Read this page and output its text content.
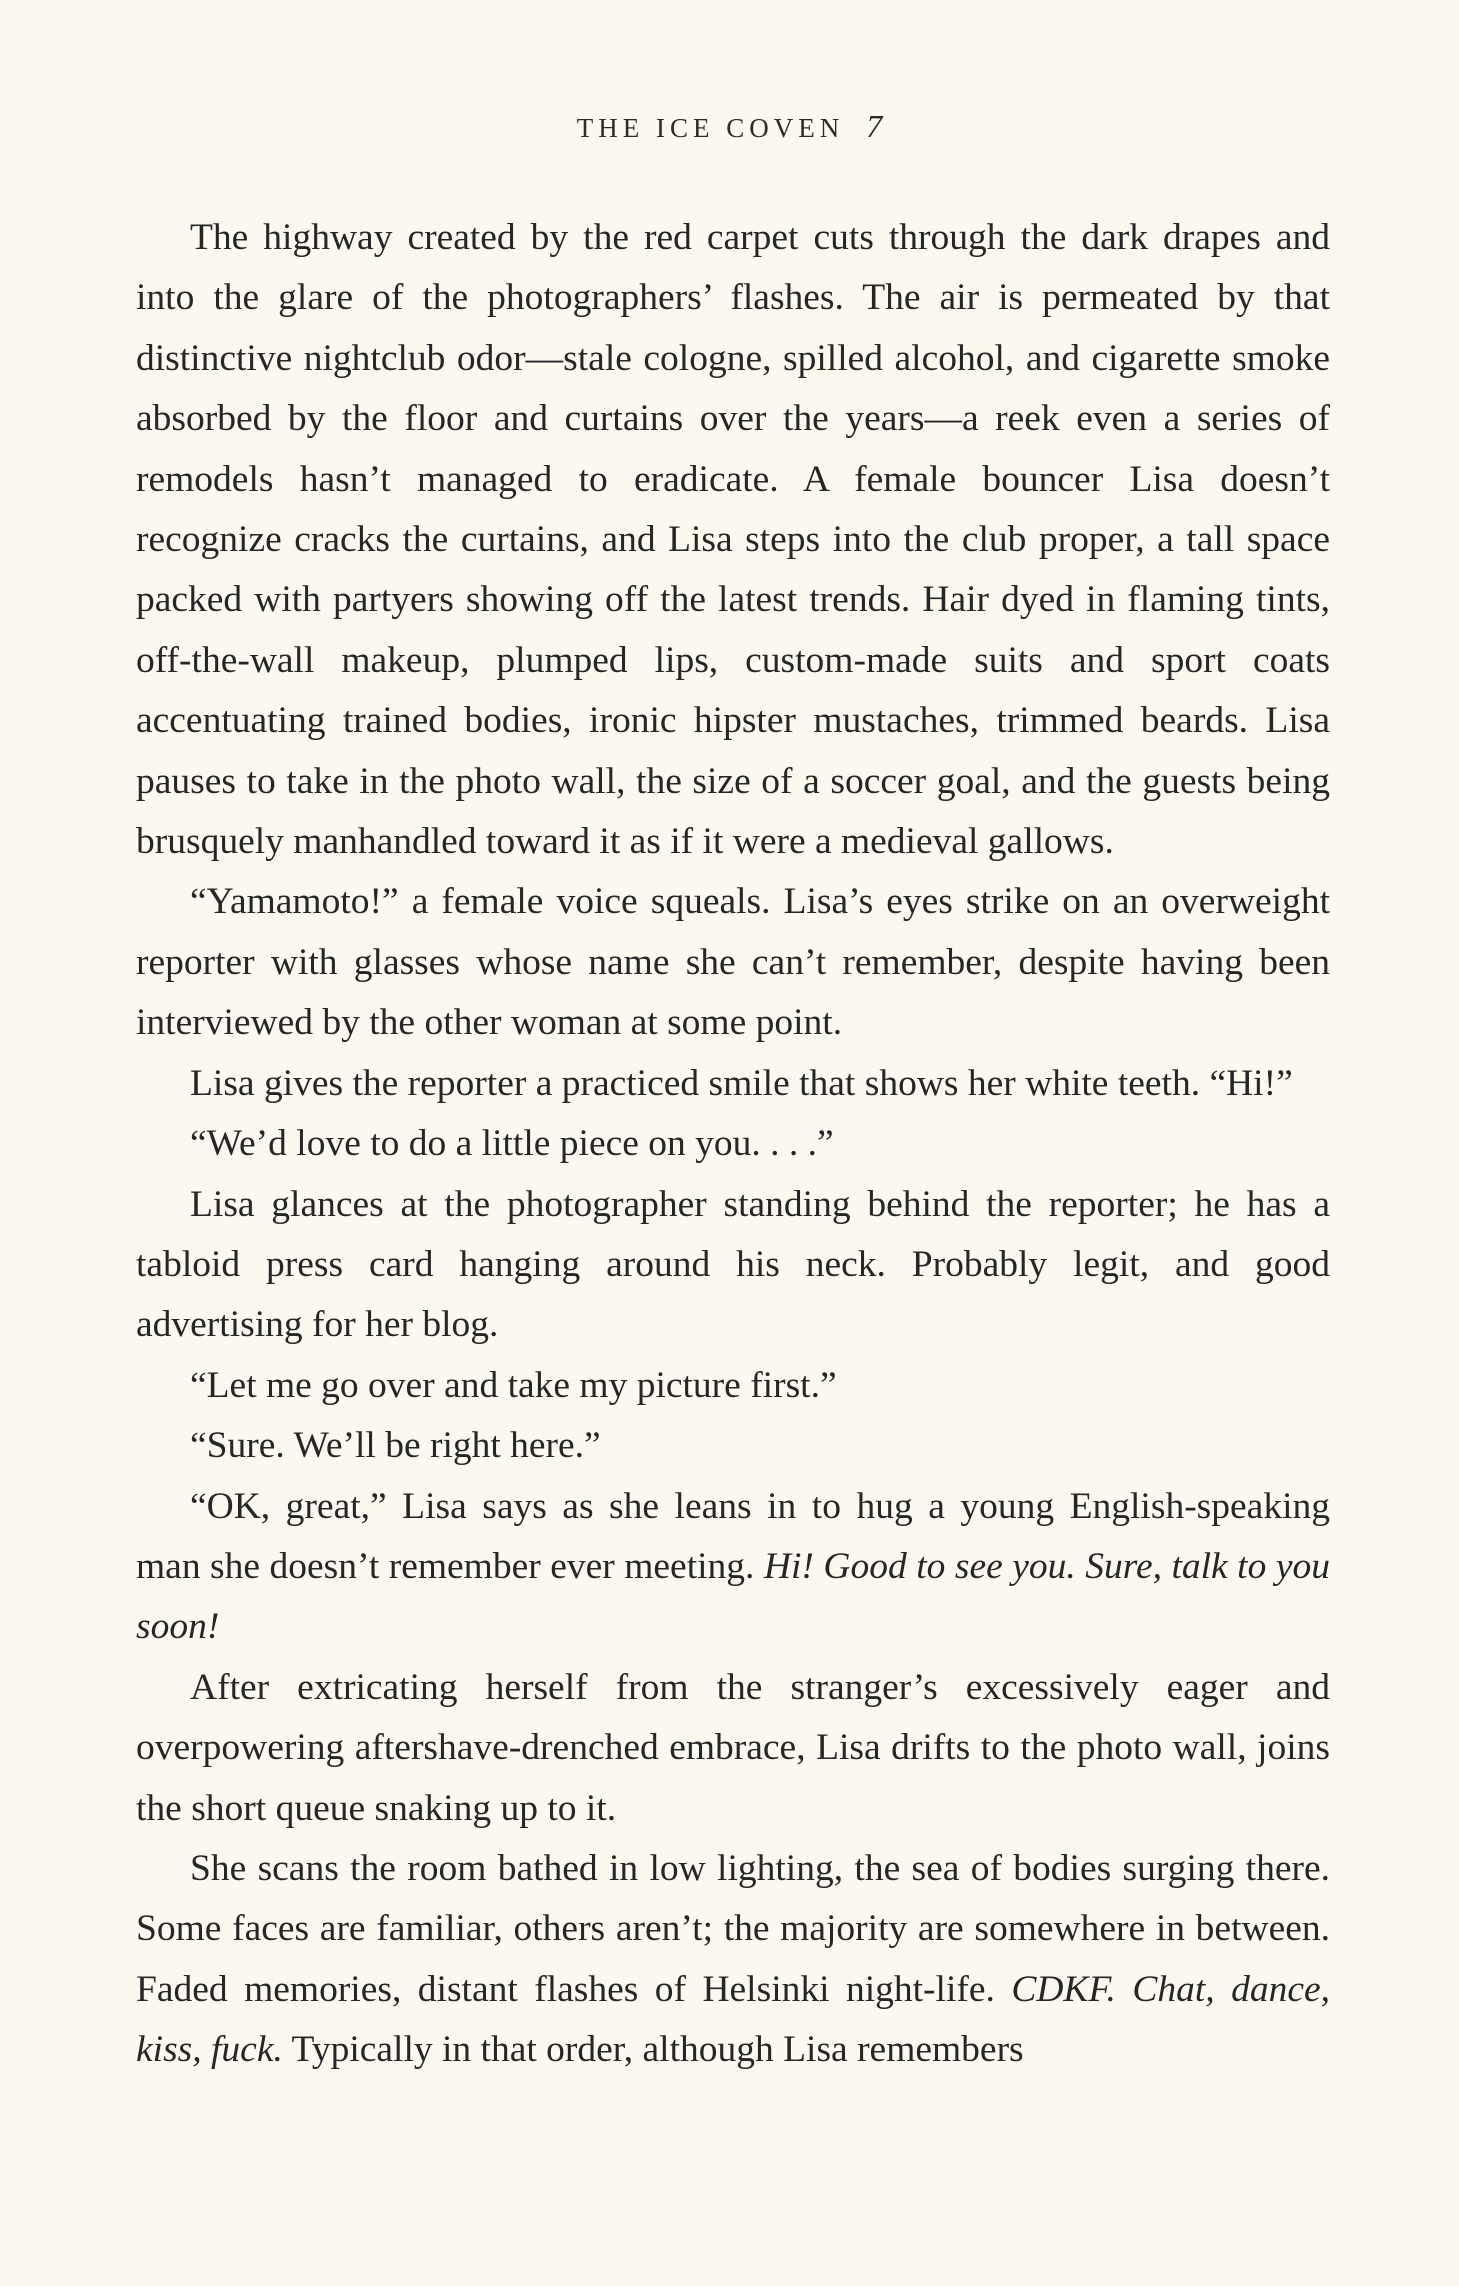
THE ICE COVEN 7

The highway created by the red carpet cuts through the dark drapes and into the glare of the photographers’ flashes. The air is permeated by that distinctive nightclub odor—stale cologne, spilled alcohol, and cigarette smoke absorbed by the floor and curtains over the years—a reek even a series of remodels hasn’t managed to eradicate. A female bouncer Lisa doesn’t recognize cracks the curtains, and Lisa steps into the club proper, a tall space packed with partyers showing off the latest trends. Hair dyed in flaming tints, off-the-wall makeup, plumped lips, custom-made suits and sport coats accentuating trained bodies, ironic hipster mustaches, trimmed beards. Lisa pauses to take in the photo wall, the size of a soccer goal, and the guests being brusquely manhandled toward it as if it were a medieval gallows.

“Yamamoto!” a female voice squeals. Lisa’s eyes strike on an overweight reporter with glasses whose name she can’t remember, despite having been interviewed by the other woman at some point.

Lisa gives the reporter a practiced smile that shows her white teeth. “Hi!”

“We’d love to do a little piece on you. . . .”

Lisa glances at the photographer standing behind the reporter; he has a tabloid press card hanging around his neck. Probably legit, and good advertising for her blog.

“Let me go over and take my picture first.”

“Sure. We’ll be right here.”

“OK, great,” Lisa says as she leans in to hug a young English-speaking man she doesn’t remember ever meeting. Hi! Good to see you. Sure, talk to you soon!

After extricating herself from the stranger’s excessively eager and overpowering aftershave-drenched embrace, Lisa drifts to the photo wall, joins the short queue snaking up to it.

She scans the room bathed in low lighting, the sea of bodies surging there. Some faces are familiar, others aren’t; the majority are somewhere in between. Faded memories, distant flashes of Helsinki night-life. CDKF. Chat, dance, kiss, fuck. Typically in that order, although Lisa remembers
